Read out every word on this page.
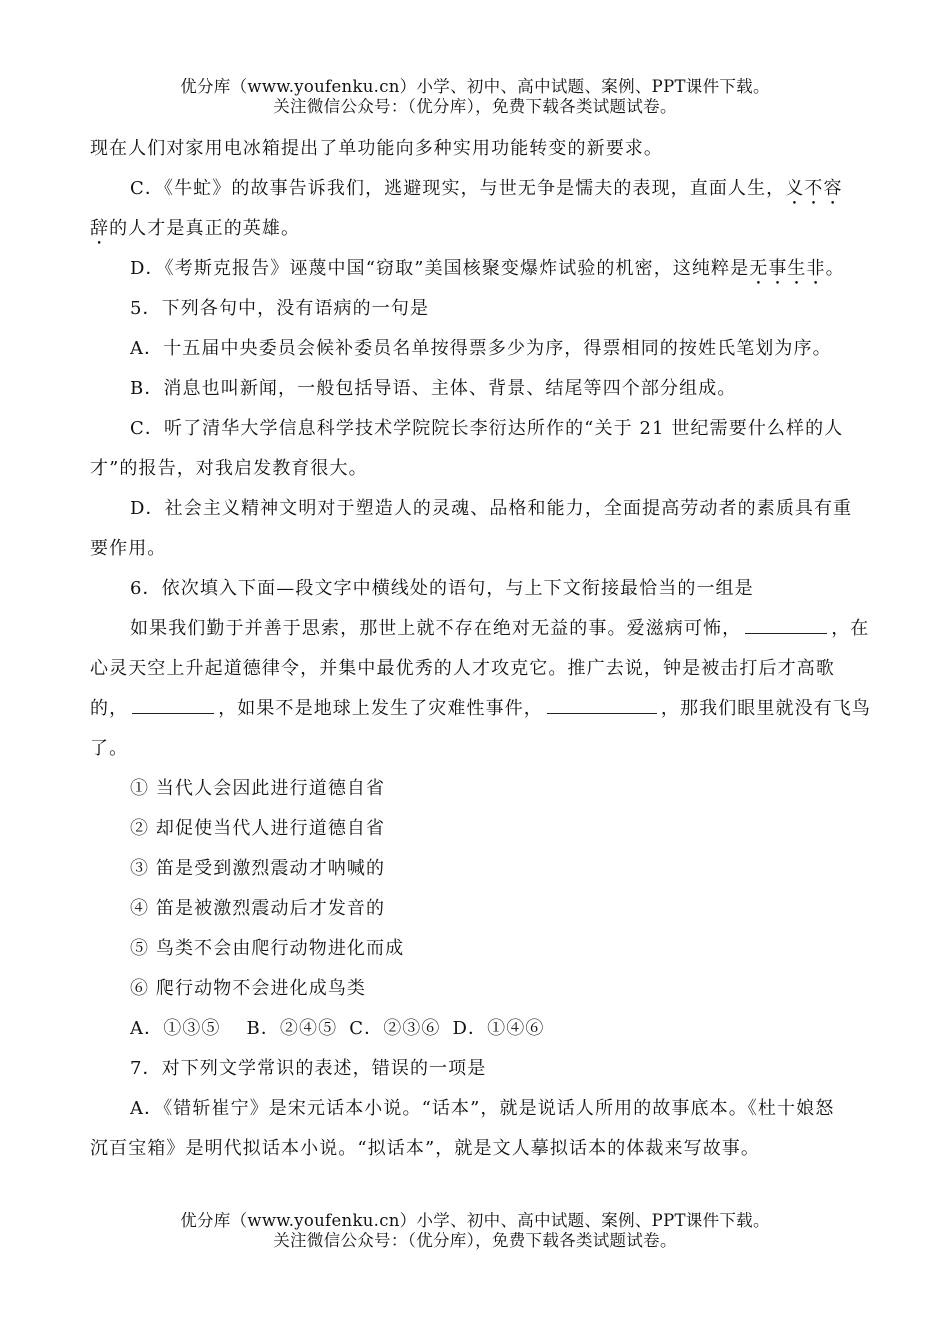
优分库（www.youfenku.cn）小学、初中、高中试题、案例、PPT课件下载。
关注微信公众号：（优分库），免费下载各类试题试卷。

现在人们对家用电冰箱提出了单功能向多种实用功能转变的新要求。

C．《牛虻》的故事告诉我们，逃避现实，与世无争是懦夫的表现，直面人生，义不容

辞的人才是真正的英雄。

D．《考斯克报告》诬蔑中国“窃取”美国核聚变爆炸试验的机密，这纯粹是无事生非。

5．下列各句中，没有语病的一句是

A．十五届中央委员会候补委员名单按得票多少为序，得票相同的按姓氏笔划为序。

B．消息也叫新闻，一般包括导语、主体、背景、结尾等四个部分组成。

C．听了清华大学信息科学技术学院院长李衍达所作的“关于 21 世纪需要什么样的人

才”的报告，对我启发教育很大。

D．社会主义精神文明对于塑造人的灵魂、品格和能力，全面提高劳动者的素质具有重

要作用。

6．依次填入下面—段文字中横线处的语句，与上下文衔接最恰当的一组是

如果我们勤于并善于思索，那世上就不存在绝对无益的事。爱滋病可怖，	，在

心灵天空上升起道德律令，并集中最优秀的人才攻克它。推广去说，钟是被击打后才高歌

的，	，如果不是地球上发生了灾难性事件，	，那我们眼里就没有飞鸟

了。

① 当代人会因此进行道德自省

② 却促使当代人进行道德自省

③ 笛是受到激烈震动才呐喊的

④ 笛是被激烈震动后才发音的

⑤ 鸟类不会由爬行动物进化而成

⑥ 爬行动物不会进化成鸟类

A．①③⑤ B．②④⑤ C．②③⑥ D．①④⑥

7．对下列文学常识的表述，错误的一项是

A．《错斩崔宁》是宋元话本小说。“话本”，就是说话人所用的故事底本。《杜十娘怒

沉百宝箱》是明代拟话本小说。“拟话本”，就是文人摹拟话本的体裁来写故事。

优分库（www.youfenku.cn）小学、初中、高中试题、案例、PPT课件下载。
关注微信公众号：（优分库），免费下载各类试题试卷。
